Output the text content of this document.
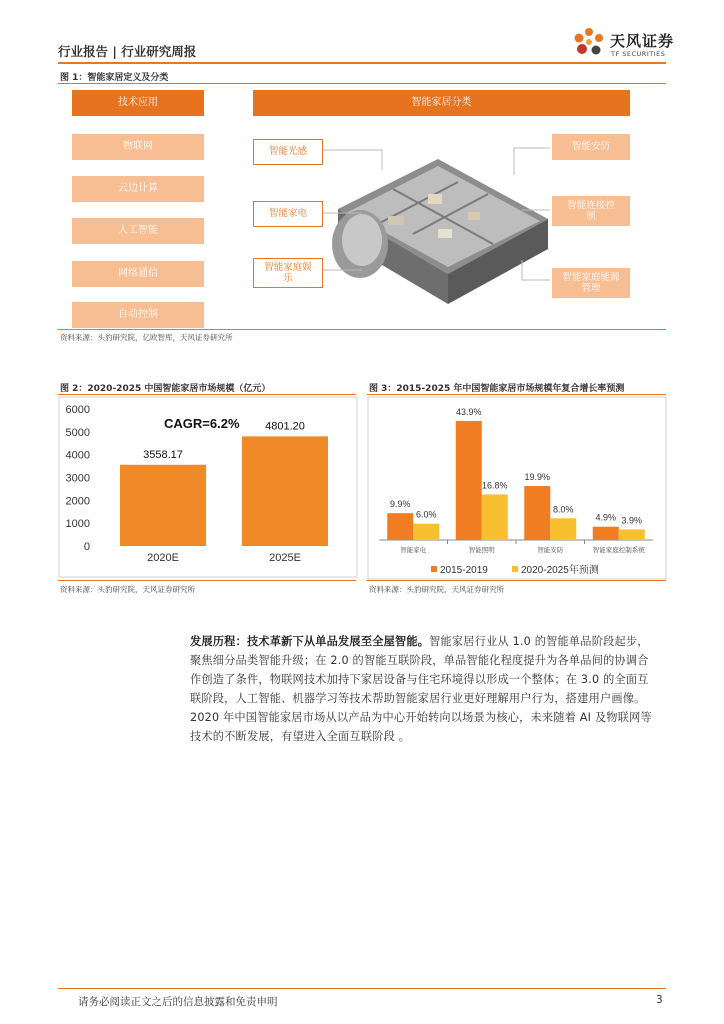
行业报告 | 行业研究周报
天风证券
TF SECURITIES
图 1：智能家居定义及分类
技术应用
物联网
云边计算
人工智能
网络通信
自动控制
智能家居分类
智能光感
智能家电
智能家庭娱乐
智能安防
智能连接控制
智能家庭能源管理
资料来源：头豹研究院，亿欧智库，天风证券研究所
图 2：2020-2025 中国智能家居市场规模（亿元）
CAGR=6.2%
0
1000
2000
3000
4000
5000
6000
3558.17
2020E
4801.20
2025E
资料来源：头豹研究院，天风证券研究所
图 3：2015-2025 年中国智能家居市场规模年复合增长率预测
9.9%
6.0%
智能家电
43.9%
16.8%
智能照明
19.9%
8.0%
智能安防
4.9% 3.9%
智能家庭控制系统
2015-2019	2020-2025年预测
资料来源：头豹研究院，天风证券研究所
发展历程：技术革新下从单品发展至全屋智能。智能家居行业从 1.0 的智能单品阶段起步，聚焦细分品类智能升级；在 2.0 的智能互联阶段，单品智能化程度提升为各单品间的协调合作创造了条件，物联网技术加持下家居设备与住宅环境得以形成一个整体；在 3.0 的全面互联阶段，人工智能、机器学习等技术帮助智能家居行业更好理解用户行为，搭建用户画像。2020 年中国智能家居市场从以产品为中心开始转向以场景为核心，未来随着 AI 及物联网等技术的不断发展，有望进入全面互联阶段 。
请务必阅读正文之后的信息披露和免责申明	3
